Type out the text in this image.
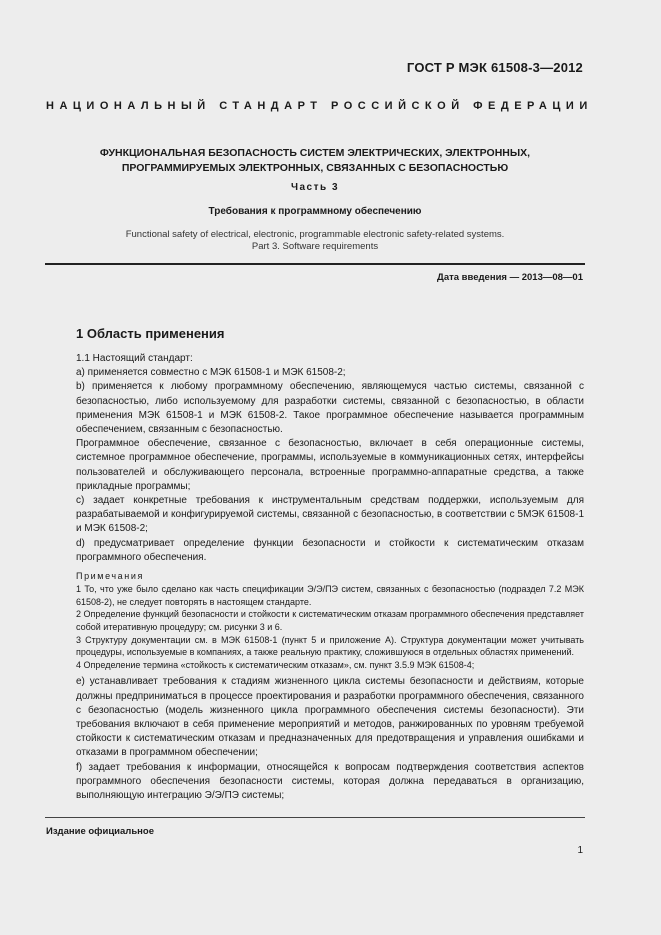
ГОСТ Р МЭК 61508-3—2012
НАЦИОНАЛЬНЫЙ СТАНДАРТ РОССИЙСКОЙ ФЕДЕРАЦИИ
ФУНКЦИОНАЛЬНАЯ БЕЗОПАСНОСТЬ СИСТЕМ ЭЛЕКТРИЧЕСКИХ, ЭЛЕКТРОННЫХ,
ПРОГРАММИРУЕМЫХ ЭЛЕКТРОННЫХ, СВЯЗАННЫХ С БЕЗОПАСНОСТЬЮ
Часть 3
Требования к программному обеспечению
Functional safety of electrical, electronic, programmable electronic safety-related systems.
Part 3. Software requirements
Дата введения — 2013—08—01
1 Область применения

1.1 Настоящий стандарт:

а) применяется совместно с МЭК 61508-1 и МЭК 61508-2;

b) применяется к любому программному обеспечению, являющемуся частью системы, связанной с безопасностью, либо используемому для разработки системы, связанной с безопасностью, в области применения МЭК 61508-1 и МЭК 61508-2. Такое программное обеспечение называется программным обеспечением, связанным с безопасностью.

Программное обеспечение, связанное с безопасностью, включает в себя операционные системы, системное программное обеспечение, программы, используемые в коммуникационных сетях, интерфейсы пользователей и обслуживающего персонала, встроенные программно-аппаратные средства, а также прикладные программы;

с) задает конкретные требования к инструментальным средствам поддержки, используемым для разрабатываемой и конфигурируемой системы, связанной с безопасностью, в соответствии с 5МЭК 61508-1 и МЭК 61508-2;

d) предусматривает определение функции безопасности и стойкости к систематическим отказам программного обеспечения.

Примечания

1 То, что уже было сделано как часть спецификации Э/Э/ПЭ систем, связанных с безопасностью (подраздел 7.2 МЭК 61508-2), не следует повторять в настоящем стандарте.

2 Определение функций безопасности и стойкости к систематическим отказам программного обеспечения представляет собой итеративную процедуру; см. рисунки 3 и 6.

3 Структуру документации см. в МЭК 61508-1 (пункт 5 и приложение А). Структура документации может учитывать процедуры, используемые в компаниях, а также реальную практику, сложившуюся в отдельных областях применений.

4 Определение термина «стойкость к систематическим отказам», см. пункт 3.5.9 МЭК 61508-4;

е) устанавливает требования к стадиям жизненного цикла системы безопасности и действиям, которые должны предприниматься в процессе проектирования и разработки программного обеспечения, связанного с безопасностью (модель жизненного цикла программного обеспечения системы безопасности). Эти требования включают в себя применение мероприятий и методов, ранжированных по уровням требуемой стойкости к систематическим отказам и предназначенных для предотвращения и управления ошибками и отказами в программном обеспечении;

f) задает требования к информации, относящейся к вопросам подтверждения соответствия аспектов программного обеспечения безопасности системы, которая должна передаваться в организацию, выполняющую интеграцию Э/Э/ПЭ системы;

Издание официальное
1
